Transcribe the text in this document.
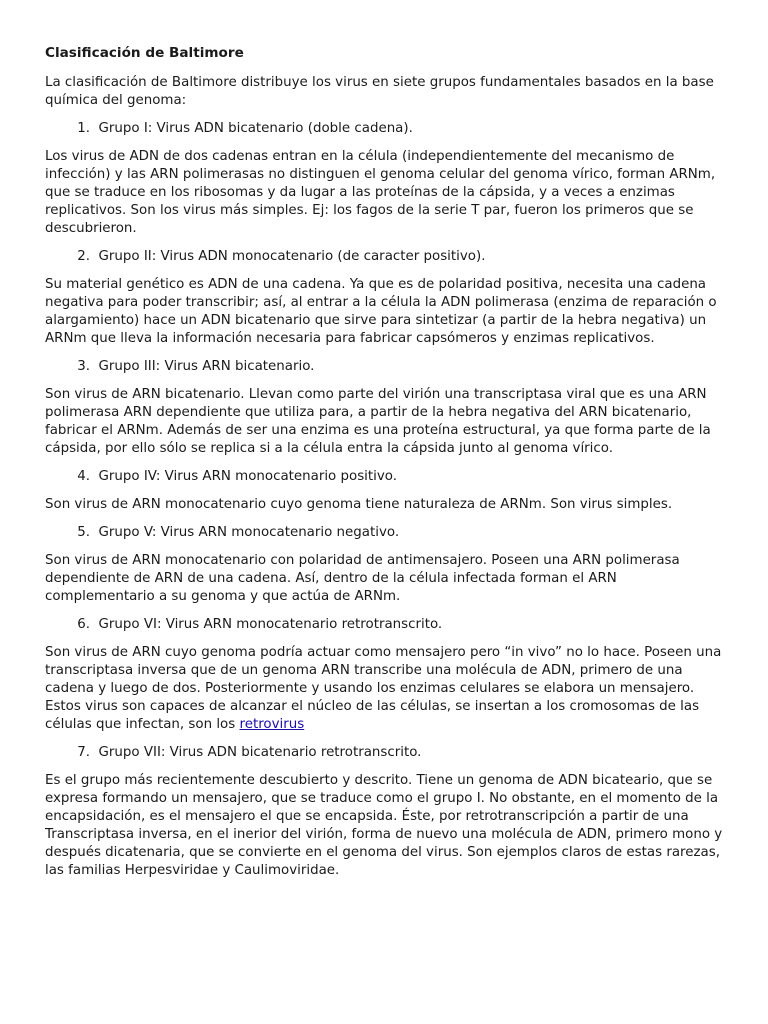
Clasificación de Baltimore

La clasificación de Baltimore distribuye los virus en siete grupos fundamentales basados en la base química del genoma:

1. Grupo I: Virus ADN bicatenario (doble cadena).

Los virus de ADN de dos cadenas entran en la célula (independientemente del mecanismo de infección) y las ARN polimerasas no distinguen el genoma celular del genoma vírico, forman ARNm, que se traduce en los ribosomas y da lugar a las proteínas de la cápsida, y a veces a enzimas replicativos. Son los virus más simples. Ej: los fagos de la serie T par, fueron los primeros que se descubrieron.

2. Grupo II: Virus ADN monocatenario (de caracter positivo).

Su material genético es ADN de una cadena. Ya que es de polaridad positiva, necesita una cadena negativa para poder transcribir; así, al entrar a la célula la ADN polimerasa (enzima de reparación o alargamiento) hace un ADN bicatenario que sirve para sintetizar (a partir de la hebra negativa) un ARNm que lleva la información necesaria para fabricar capsómeros y enzimas replicativos.

3. Grupo III: Virus ARN bicatenario.

Son virus de ARN bicatenario. Llevan como parte del virión una transcriptasa viral que es una ARN polimerasa ARN dependiente que utiliza para, a partir de la hebra negativa del ARN bicatenario, fabricar el ARNm. Además de ser una enzima es una proteína estructural, ya que forma parte de la cápsida, por ello sólo se replica si a la célula entra la cápsida junto al genoma vírico.

4. Grupo IV: Virus ARN monocatenario positivo.

Son virus de ARN monocatenario cuyo genoma tiene naturaleza de ARNm. Son virus simples.

5. Grupo V: Virus ARN monocatenario negativo.

Son virus de ARN monocatenario con polaridad de antimensajero. Poseen una ARN polimerasa dependiente de ARN de una cadena. Así, dentro de la célula infectada forman el ARN complementario a su genoma y que actúa de ARNm.

6. Grupo VI: Virus ARN monocatenario retrotranscrito.

Son virus de ARN cuyo genoma podría actuar como mensajero pero “in vivo” no lo hace. Poseen una transcriptasa inversa que de un genoma ARN transcribe una molécula de ADN, primero de una cadena y luego de dos. Posteriormente y usando los enzimas celulares se elabora un mensajero. Estos virus son capaces de alcanzar el núcleo de las células, se insertan a los cromosomas de las células que infectan, son los retrovirus

7. Grupo VII: Virus ADN bicatenario retrotranscrito.

Es el grupo más recientemente descubierto y descrito. Tiene un genoma de ADN bicateario, que se expresa formando un mensajero, que se traduce como el grupo I. No obstante, en el momento de la encapsidación, es el mensajero el que se encapsida. Éste, por retrotranscripción a partir de una Transcriptasa inversa, en el inerior del virión, forma de nuevo una molécula de ADN, primero mono y después dicatenaria, que se convierte en el genoma del virus. Son ejemplos claros de estas rarezas, las familias Herpesviridae y Caulimoviridae.
